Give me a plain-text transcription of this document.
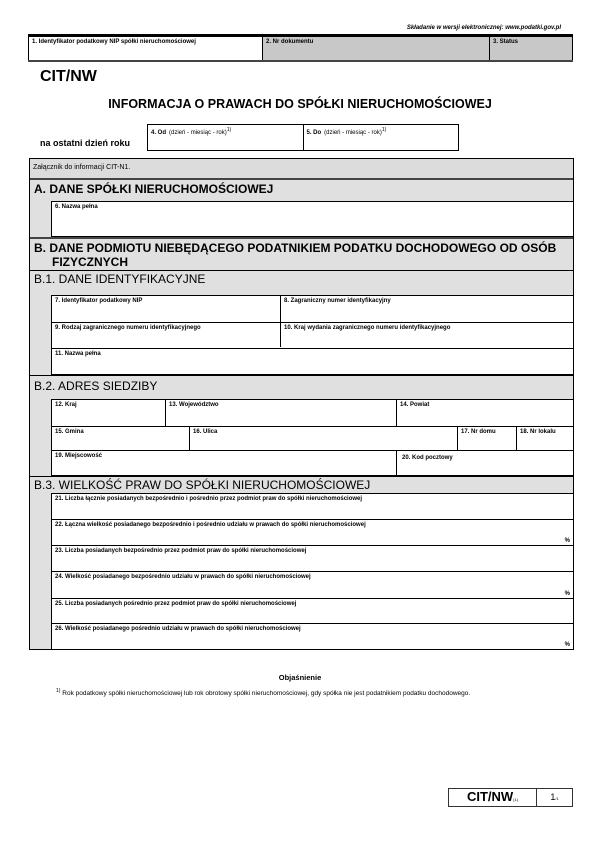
Składanie w wersji elektronicznej: www.podatki.gov.pl
1. Identyfikator podatkowy NIP spółki nieruchomościowej	2. Nr dokumentu	3. Status
CIT/NW
INFORMACJA O PRAWACH DO SPÓŁKI NIERUCHOMOŚCIOWEJ
na ostatni dzień roku
4. Od (dzień - miesiąc - rok)$^{1)}$	5. Do (dzień - miesiąc - rok)$^{1)}$
Załącznik do informacji CIT-N1.
A. DANE SPÓŁKI NIERUCHOMOŚCIOWEJ
6. Nazwa pełna
B. DANE PODMIOTU NIEBĘDĄCEGO PODATNIKIEM PODATKU DOCHODOWEGO OD OSÓB
FIZYCZNYCH
B.1. DANE IDENTYFIKACYJNE
7. Identyfikator podatkowy NIP	8. Zagraniczny numer identyfikacyjny
9. Rodzaj zagranicznego numeru identyfikacyjnego	10. Kraj wydania zagranicznego numeru identyfikacyjnego
11. Nazwa pełna
B.2. ADRES SIEDZIBY
12. Kraj	13. Województwo	14. Powiat
15. Gmina	16. Ulica	17. Nr domu	18. Nr lokalu
19. Miejscowość	20. Kod pocztowy
B.3. WIELKOŚĆ PRAW DO SPÓŁKI NIERUCHOMOŚCIOWEJ
21. Liczba łącznie posiadanych bezpośrednio i pośrednio przez podmiot praw do spółki nieruchomościowej
22. Łączna wielkość posiadanego bezpośrednio i pośrednio udziału w prawach do spółki nieruchomościowej
%
23. Liczba posiadanych bezpośrednio przez podmiot praw do spółki nieruchomościowej
24. Wielkość posiadanego bezpośrednio udziału w prawach do spółki nieruchomościowej
%
25. Liczba posiadanych pośrednio przez podmiot praw do spółki nieruchomościowej
26. Wielkość posiadanego pośrednio udziału w prawach do spółki nieruchomościowej
%
Objaśnienie
$^{1)}$ Rok podatkowy spółki nieruchomościowej lub rok obrotowy spółki nieruchomościowej, gdy spółka nie jest podatnikiem podatku dochodowego.
CIT/NW(1)	1/1
